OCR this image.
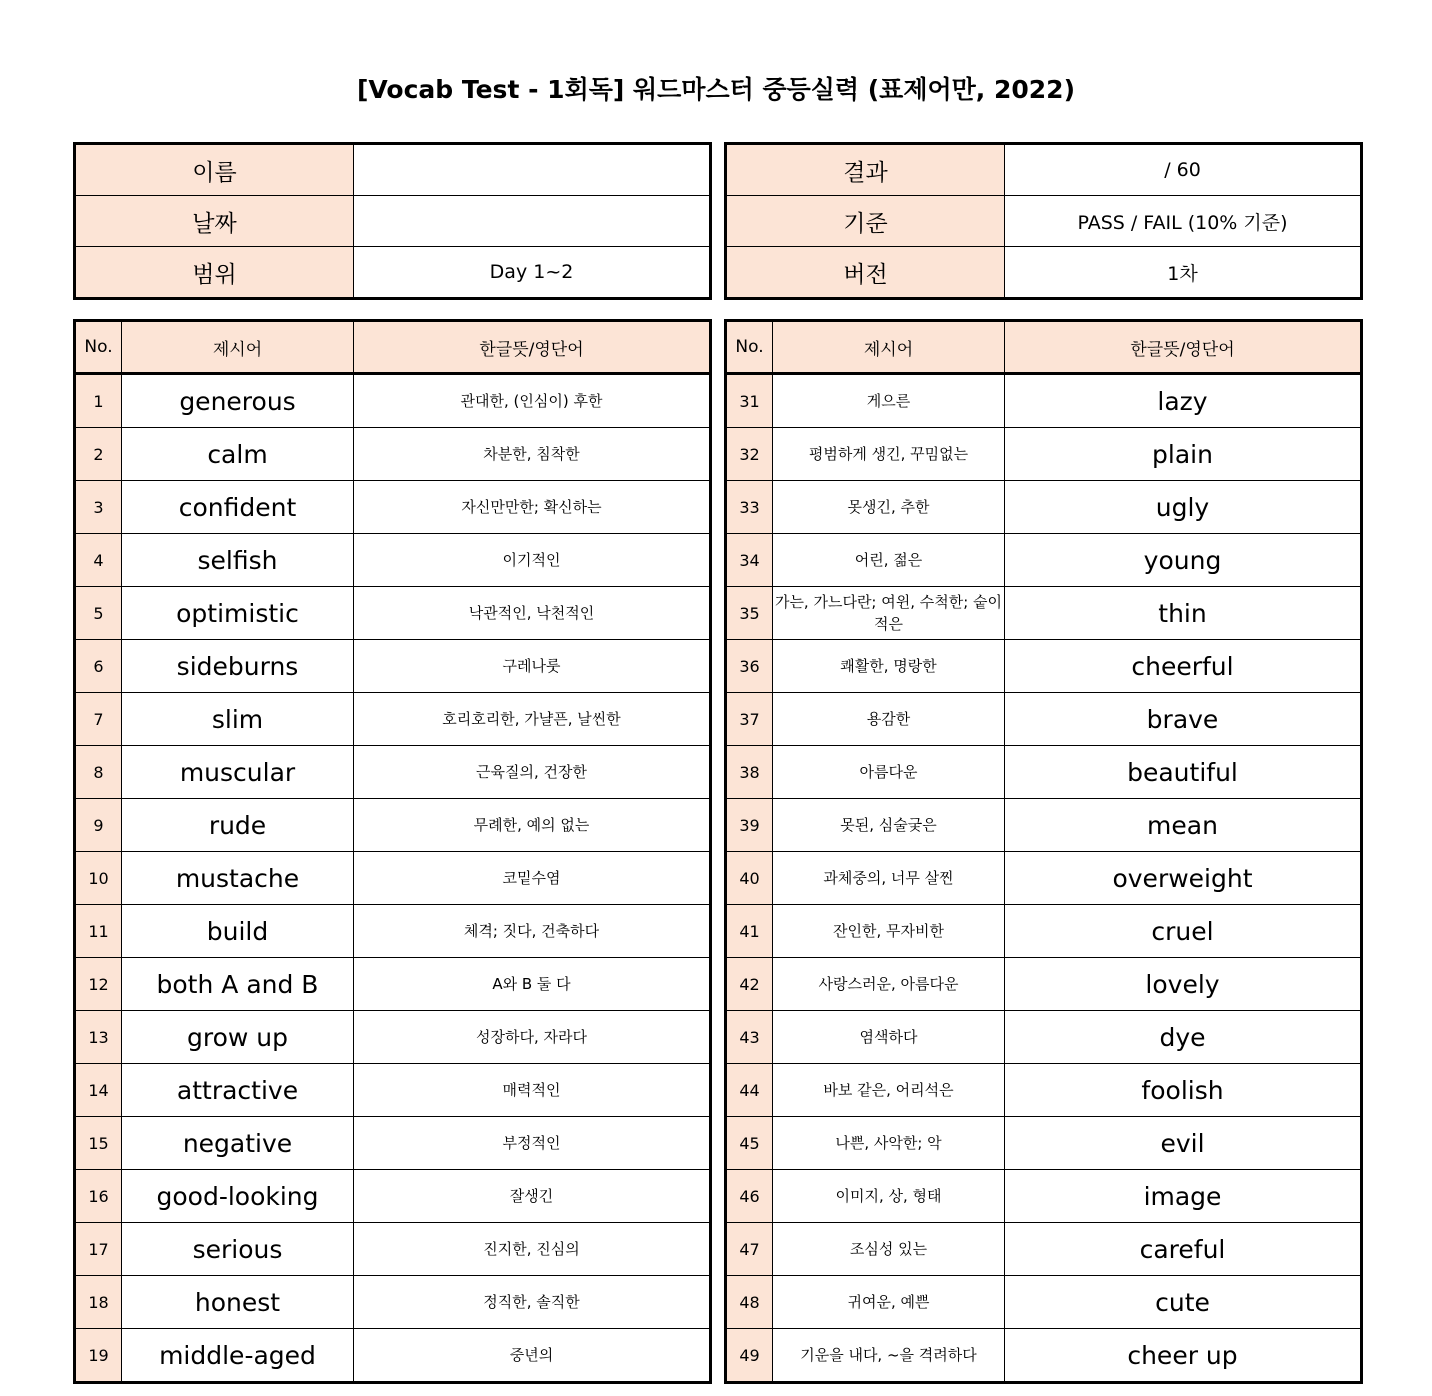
[Vocab Test - 1회독] 워드마스터 중등실력 (표제어만, 2022)
이름	
날짜	
범위	Day 1~2
결과	/ 60
기준	PASS / FAIL (10% 기준)
버전	1차
No.	제시어	한글뜻/영단어
1	generous	관대한, (인심이) 후한
2	calm	차분한, 침착한
3	confident	자신만만한; 확신하는
4	selfish	이기적인
5	optimistic	낙관적인, 낙천적인
6	sideburns	구레나룻
7	slim	호리호리한, 가냘픈, 날씬한
8	muscular	근육질의, 건장한
9	rude	무례한, 예의 없는
10	mustache	코밑수염
11	build	체격; 짓다, 건축하다
12	both A and B	A와 B 둘 다
13	grow up	성장하다, 자라다
14	attractive	매력적인
15	negative	부정적인
16	good-looking	잘생긴
17	serious	진지한, 진심의
18	honest	정직한, 솔직한
19	middle-aged	중년의
No.	제시어	한글뜻/영단어
31	게으른	lazy
32	평범하게 생긴, 꾸밈없는	plain
33	못생긴, 추한	ugly
34	어린, 젊은	young
35	가는, 가느다란; 여윈, 수척한; 숱이 적은	thin
36	쾌활한, 명랑한	cheerful
37	용감한	brave
38	아름다운	beautiful
39	못된, 심술궂은	mean
40	과체중의, 너무 살찐	overweight
41	잔인한, 무자비한	cruel
42	사랑스러운, 아름다운	lovely
43	염색하다	dye
44	바보 같은, 어리석은	foolish
45	나쁜, 사악한; 악	evil
46	이미지, 상, 형태	image
47	조심성 있는	careful
48	귀여운, 예쁜	cute
49	기운을 내다, ~을 격려하다	cheer up
